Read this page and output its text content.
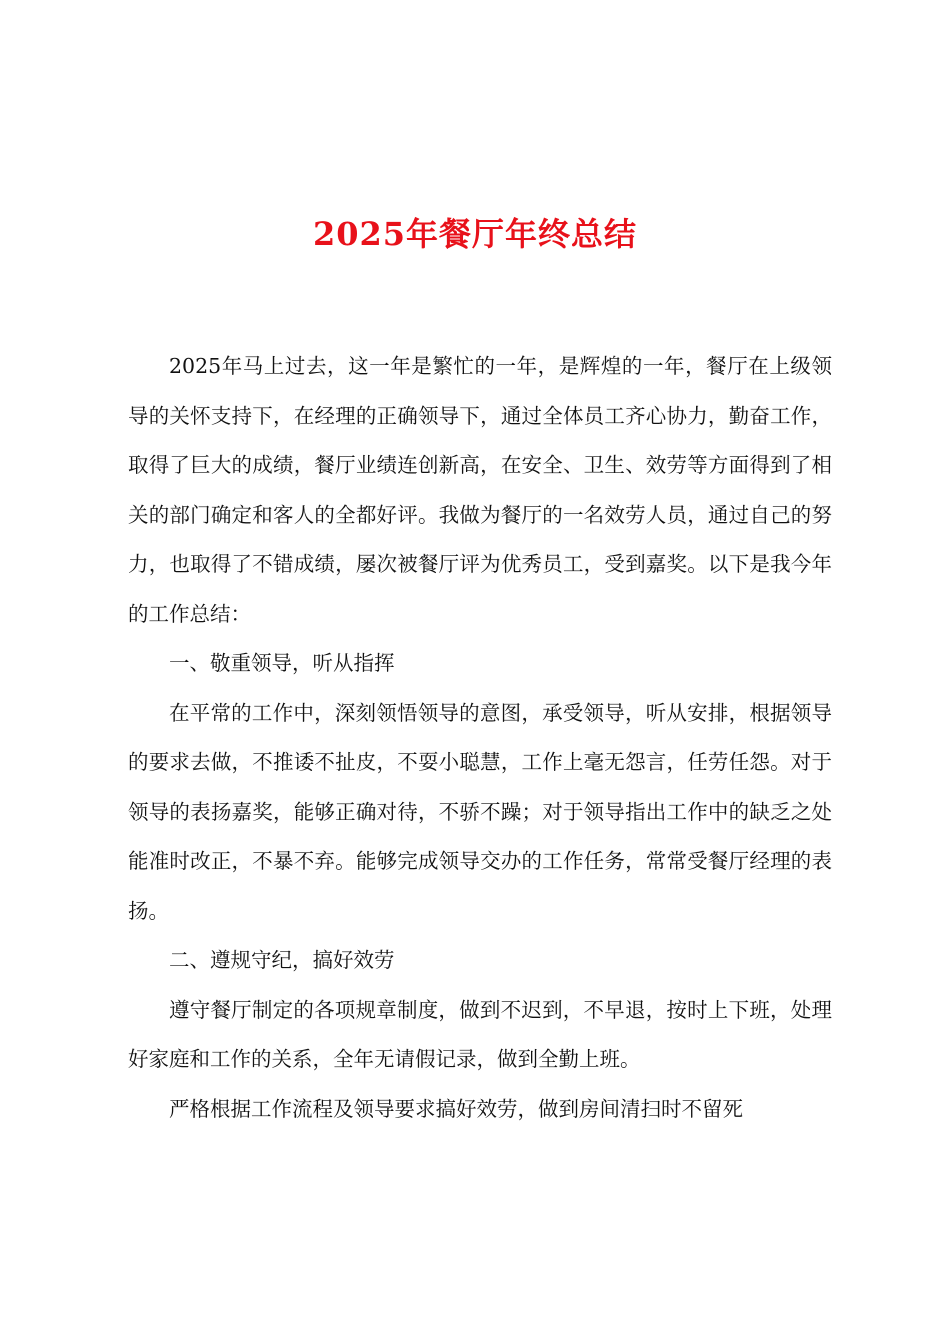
2025年餐厅年终总结

2025年马上过去，这一年是繁忙的一年，是辉煌的一年，餐厅在上级领导的关怀支持下，在经理的正确领导下，通过全体员工齐心协力，勤奋工作，取得了巨大的成绩，餐厅业绩连创新高，在安全、卫生、效劳等方面得到了相关的部门确定和客人的全都好评。我做为餐厅的一名效劳人员，通过自己的努力，也取得了不错成绩，屡次被餐厅评为优秀员工，受到嘉奖。以下是我今年的工作总结：

一、敬重领导，听从指挥

在平常的工作中，深刻领悟领导的意图，承受领导，听从安排，根据领导的要求去做，不推诿不扯皮，不耍小聪慧，工作上毫无怨言，任劳任怨。对于领导的表扬嘉奖，能够正确对待，不骄不躁；对于领导指出工作中的缺乏之处能准时改正，不暴不弃。能够完成领导交办的工作任务，常常受餐厅经理的表扬。

二、遵规守纪，搞好效劳

遵守餐厅制定的各项规章制度，做到不迟到，不早退，按时上下班，处理好家庭和工作的关系，全年无请假记录，做到全勤上班。

严格根据工作流程及领导要求搞好效劳，做到房间清扫时不留死
